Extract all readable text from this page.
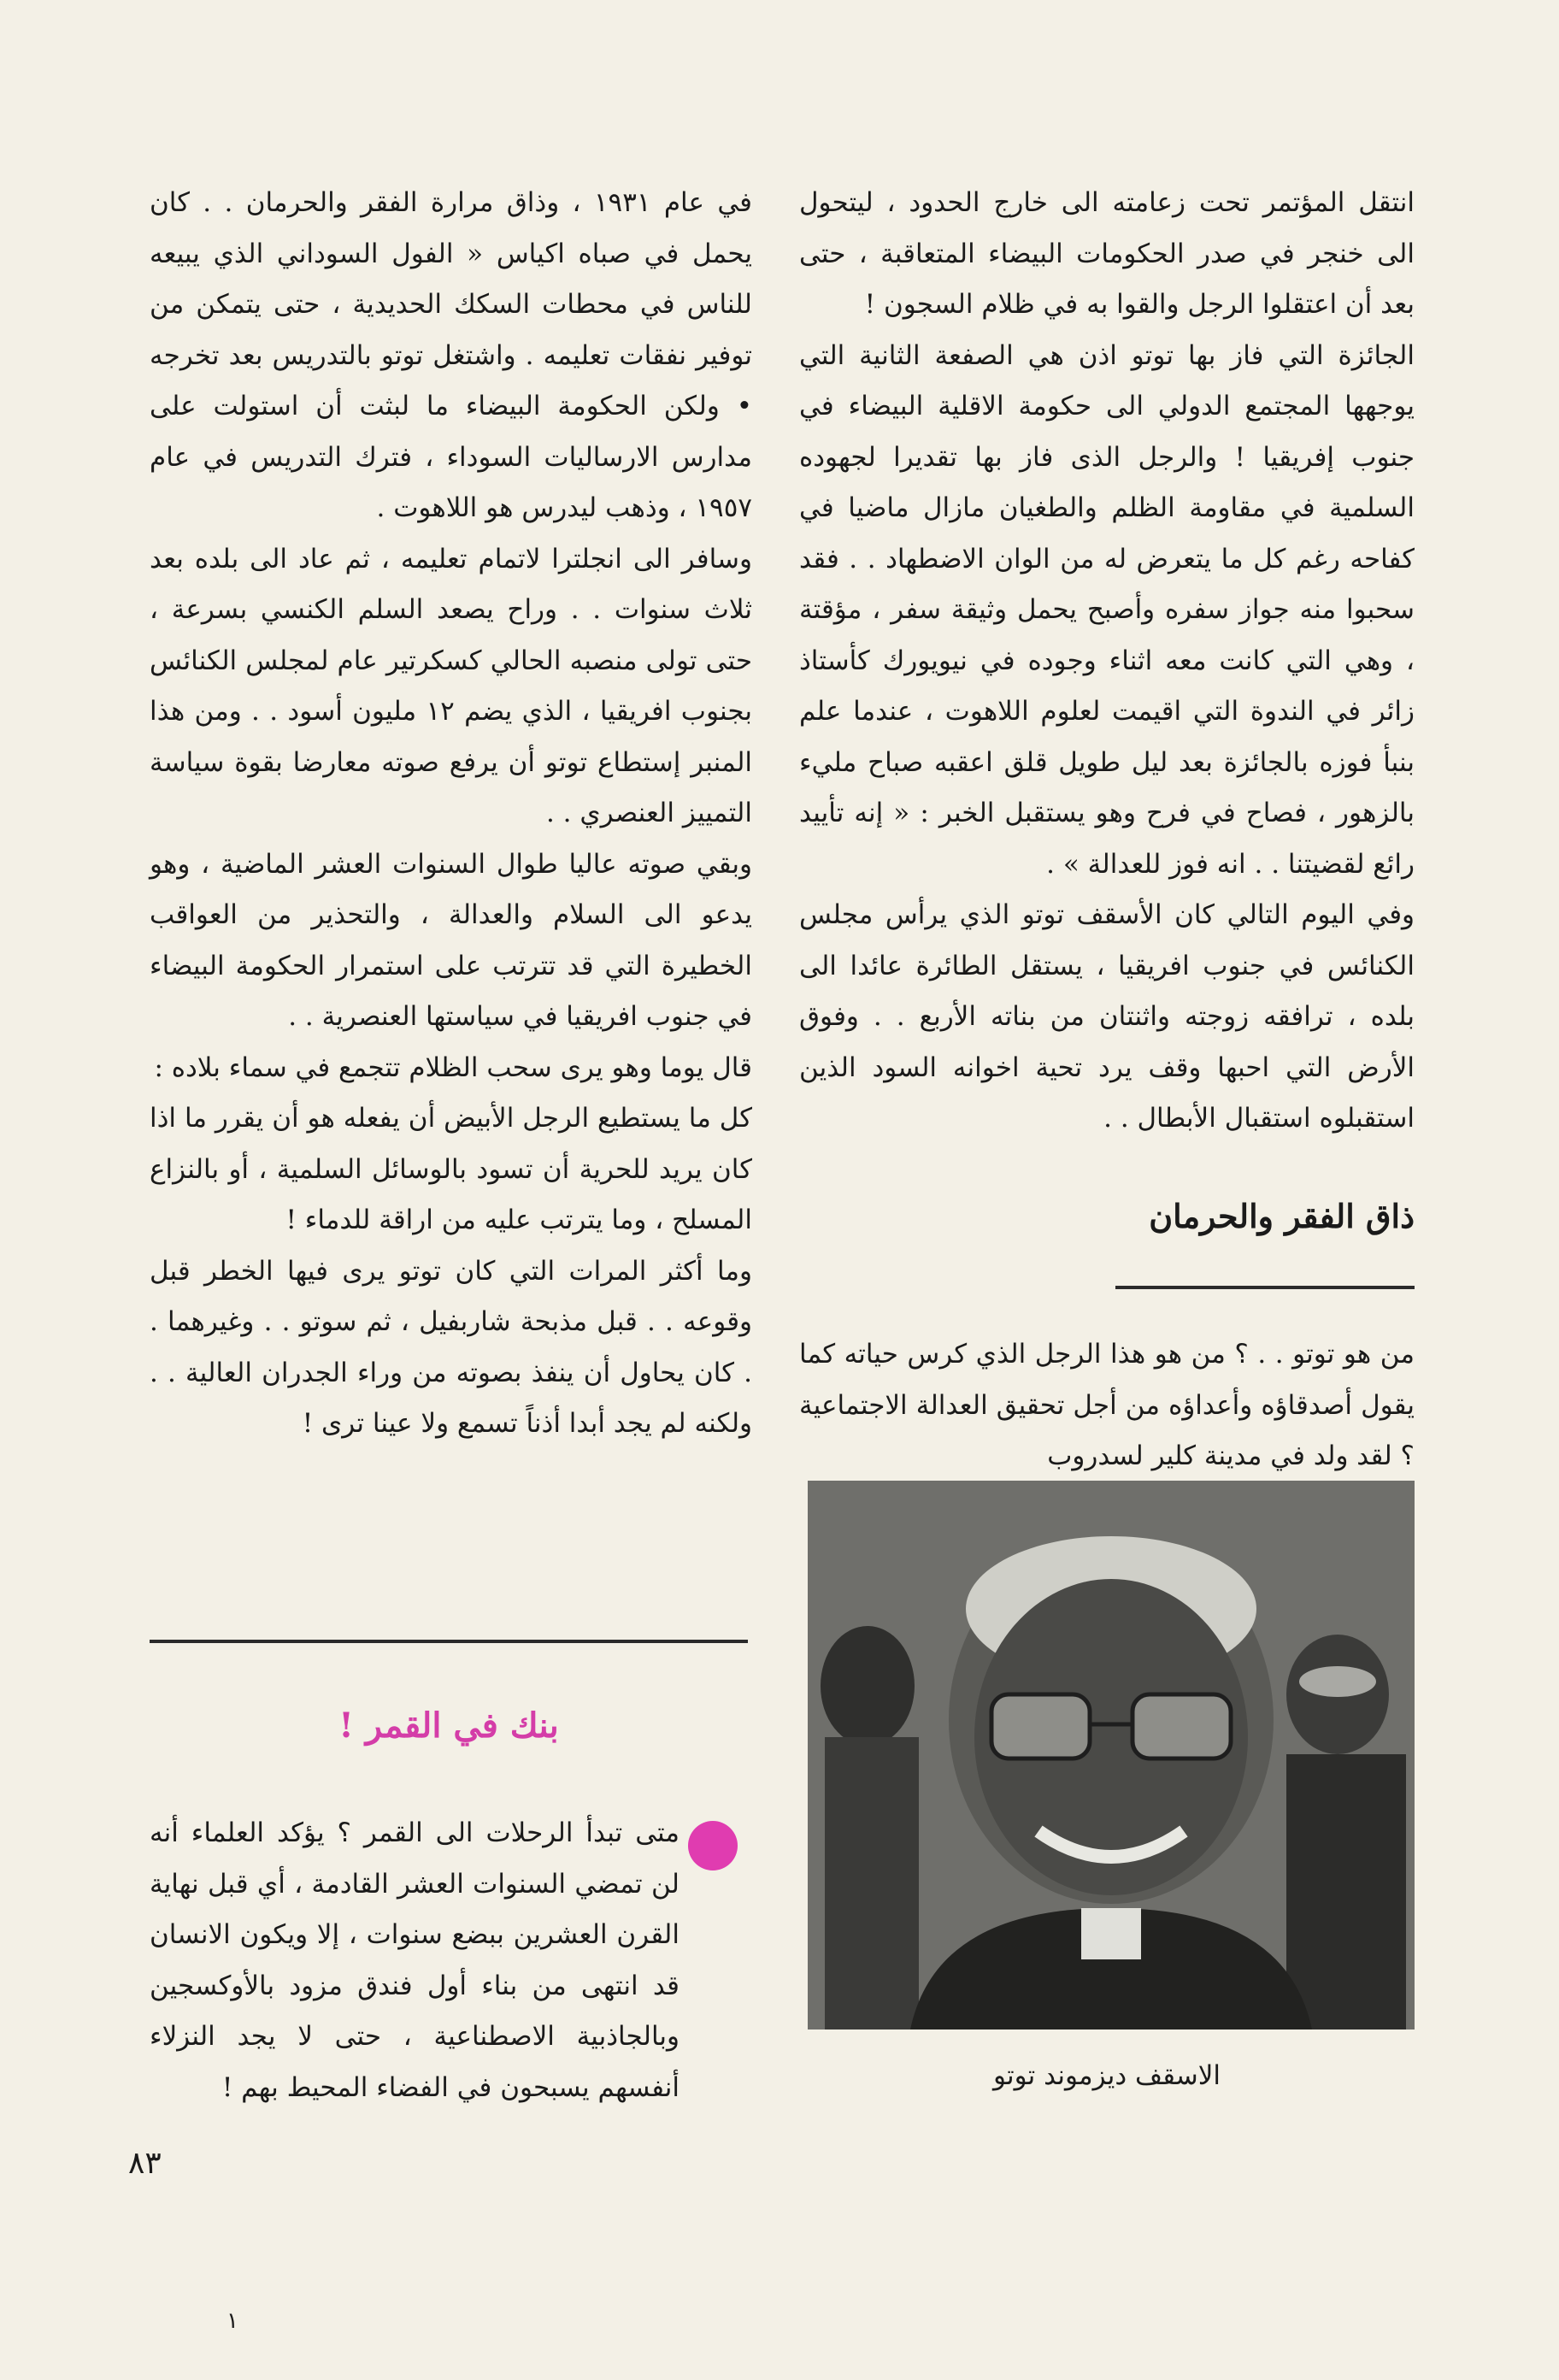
انتقل المؤتمر تحت زعامته الى خارج الحدود ، ليتحول الى خنجر في صدر الحكومات البيضاء المتعاقبة ، حتى بعد أن اعتقلوا الرجل والقوا به في ظلام السجون !

الجائزة التي فاز بها توتو اذن هي الصفعة الثانية التي يوجهها المجتمع الدولي الى حكومة الاقلية البيضاء في جنوب إفريقيا ! والرجل الذى فاز بها تقديرا لجهوده السلمية في مقاومة الظلم والطغيان مازال ماضيا في كفاحه رغم كل ما يتعرض له من الوان الاضطهاد . . فقد سحبوا منه جواز سفره وأصبح يحمل وثيقة سفر ، مؤقتة ، وهي التي كانت معه اثناء وجوده في نيويورك كأستاذ زائر في الندوة التي اقيمت لعلوم اللاهوت ، عندما علم بنبأ فوزه بالجائزة بعد ليل طويل قلق اعقبه صباح مليء بالزهور ، فصاح في فرح وهو يستقبل الخبر : « إنه تأييد رائع لقضيتنا . . انه فوز للعدالة » .

وفي اليوم التالي كان الأسقف توتو الذي يرأس مجلس الكنائس في جنوب افريقيا ، يستقل الطائرة عائدا الى بلده ، ترافقه زوجته واثنتان من بناته الأربع . . وفوق الأرض التي احبها وقف يرد تحية اخوانه السود الذين استقبلوه استقبال الأبطال . .

ذاق الفقر والحرمان

من هو توتو . . ؟ من هو هذا الرجل الذي كرس حياته كما يقول أصدقاؤه وأعداؤه من أجل تحقيق العدالة الاجتماعية ؟ لقد ولد في مدينة كلير لسدروب

الاسقف ديزموند توتو

في عام ١٩٣١ ، وذاق مرارة الفقر والحرمان . . كان يحمل في صباه اكياس « الفول السوداني الذي يبيعه للناس في محطات السكك الحديدية ، حتى يتمكن من توفير نفقات تعليمه . واشتغل توتو بالتدريس بعد تخرجه • ولكن الحكومة البيضاء ما لبثت أن استولت على مدارس الارساليات السوداء ، فترك التدريس في عام ١٩٥٧ ، وذهب ليدرس هو اللاهوت .

وسافر الى انجلترا لاتمام تعليمه ، ثم عاد الى بلده بعد ثلاث سنوات . . وراح يصعد السلم الكنسي بسرعة ، حتى تولى منصبه الحالي كسكرتير عام لمجلس الكنائس بجنوب افريقيا ، الذي يضم ١٢ مليون أسود . . ومن هذا المنبر إستطاع توتو أن يرفع صوته معارضا بقوة سياسة التمييز العنصري . .

وبقي صوته عاليا طوال السنوات العشر الماضية ، وهو يدعو الى السلام والعدالة ، والتحذير من العواقب الخطيرة التي قد تترتب على استمرار الحكومة البيضاء في جنوب افريقيا في سياستها العنصرية . .

قال يوما وهو يرى سحب الظلام تتجمع في سماء بلاده :

كل ما يستطيع الرجل الأبيض أن يفعله هو أن يقرر ما اذا كان يريد للحرية أن تسود بالوسائل السلمية ، أو بالنزاع المسلح ، وما يترتب عليه من اراقة للدماء !

وما أكثر المرات التي كان توتو يرى فيها الخطر قبل وقوعه . . قبل مذبحة شاربفيل ، ثم سوتو . . وغيرهما . . كان يحاول أن ينفذ بصوته من وراء الجدران العالية . . ولكنه لم يجد أبدا أذناً تسمع ولا عينا ترى !

بنك في القمر !

متى تبدأ الرحلات الى القمر ؟ يؤكد العلماء أنه لن تمضي السنوات العشر القادمة ، أي قبل نهاية القرن العشرين ببضع سنوات ، إلا ويكون الانسان قد انتهى من بناء أول فندق مزود بالأوكسجين وبالجاذبية الاصطناعية ، حتى لا يجد النزلاء أنفسهم يسبحون في الفضاء المحيط بهم !

٨٣
١
